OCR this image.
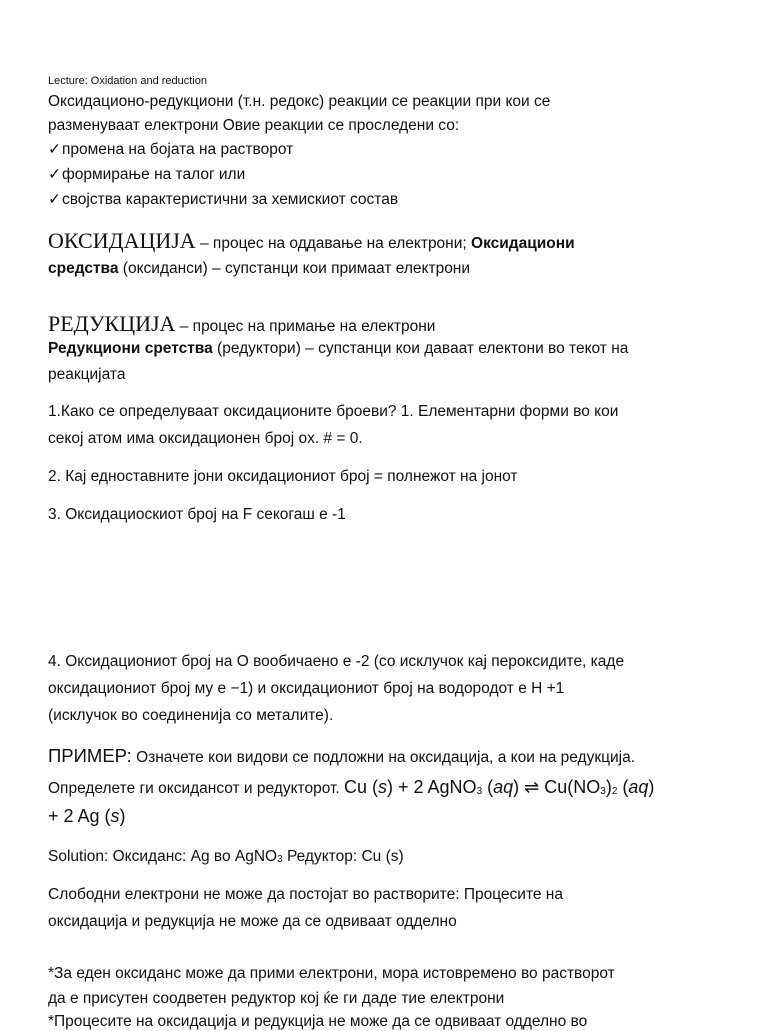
Lecture: Oxidation and reduction
Оксидационо-редукциони (т.н. редокс) реакции се реакции при кои се
разменуваат електрони Овие реакции се проследени со:
✓промена на бојата на растворот
✓формирање на талог или
✓својства карактеристични за хемискиот состав
ОКСИДАЦИЈА – процес на оддавање на електрони; Оксидациони
средства (оксиданси) – супстанци кои примаат електрони
РЕДУКЦИЈА – процес на примање на електрони
Редукциони сретства (редуктори) – супстанци кои даваат електони во текот на
реакцијата
1.Како се определуваат оксидационите броеви? 1. Елементарни форми во кои
секој атом има оксидационен број ox. # = 0.
2. Кај едноставните јони оксидациониот број = полнежот на јонот
3. Оксидациоскиот број на F секогаш е -1
4. Оксидациониот број на O вообичаено е -2 (со исклучок кај пероксидите, каде
оксидациониот број му е −1) и оксидациониот број на водородот е H +1
(исклучок во соединенија со металите).
ПРИМЕР: Означете кои видови се подложни на оксидација, а кои на редукција.
Определете ги оксидансот и редукторот. Cu (s) + 2 AgNO$_3$ (aq) ⇌ $Cu(NO_3)_2$ (aq)
+ 2 Ag (s)
Solution: Оксиданс: Ag во AgNO$_3$ Редуктор: Cu (s)
Слободни електрони не може да постојат во растворите: Процесите на
оксидација и редукција не може да се одвиваат одделно
*За еден оксиданс може да прими електрони, мора истовремено во растворот
да е присутен соодветен редуктор кој ќе ги даде тие електрони
*Процесите на оксидација и редукција не може да се одвиваат одделно во
